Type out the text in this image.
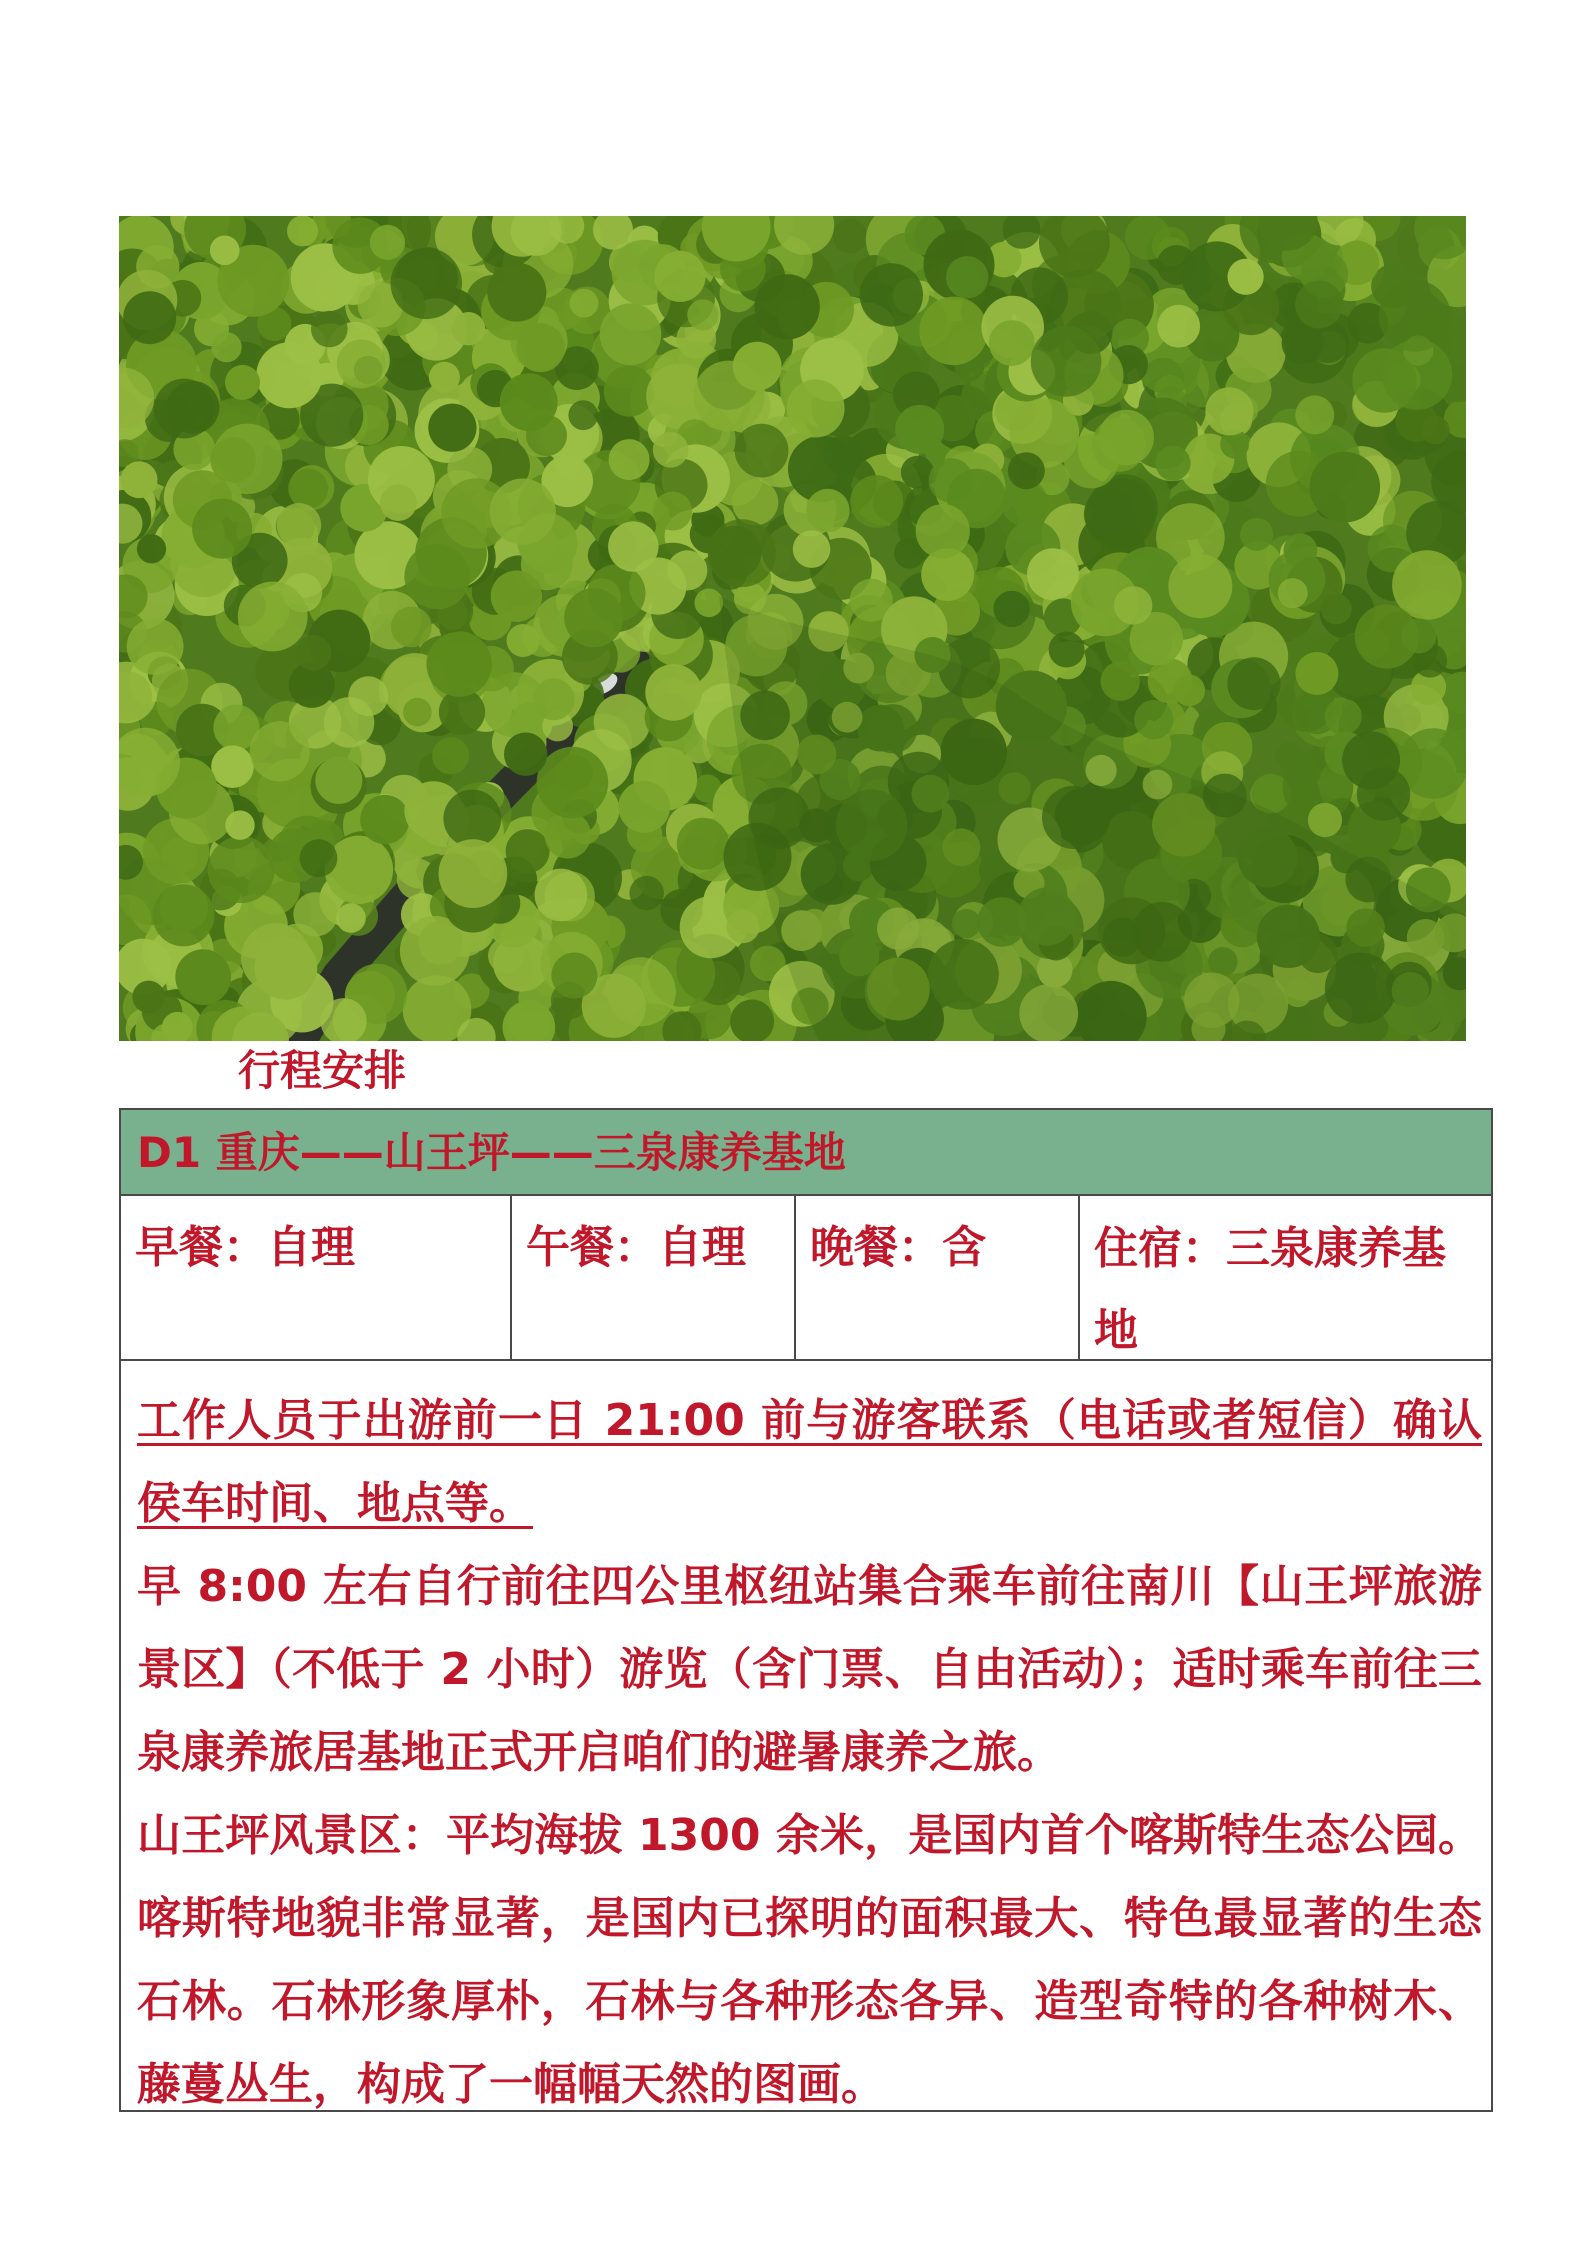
行程安排
D1 重庆——山王坪——三泉康养基地
早餐：自理	午餐：自理	晚餐：含	住宿：三泉康养基地

工作人员于出游前一日 21:00 前与游客联系（电话或者短信）确认侯车时间、地点等。

早 8:00 左右自行前往四公里枢纽站集合乘车前往南川【山王坪旅游景区】（不低于 2 小时）游览（含门票、自由活动）；适时乘车前往三泉康养旅居基地正式开启咱们的避暑康养之旅。

山王坪风景区：平均海拔 1300 余米，是国内首个喀斯特生态公园。 喀斯特地貌非常显著，是国内已探明的面积最大、特色最显著的生态石林。石林形象厚朴，石林与各种形态各异、造型奇特的各种树木、藤蔓丛生，构成了一幅幅天然的图画。
